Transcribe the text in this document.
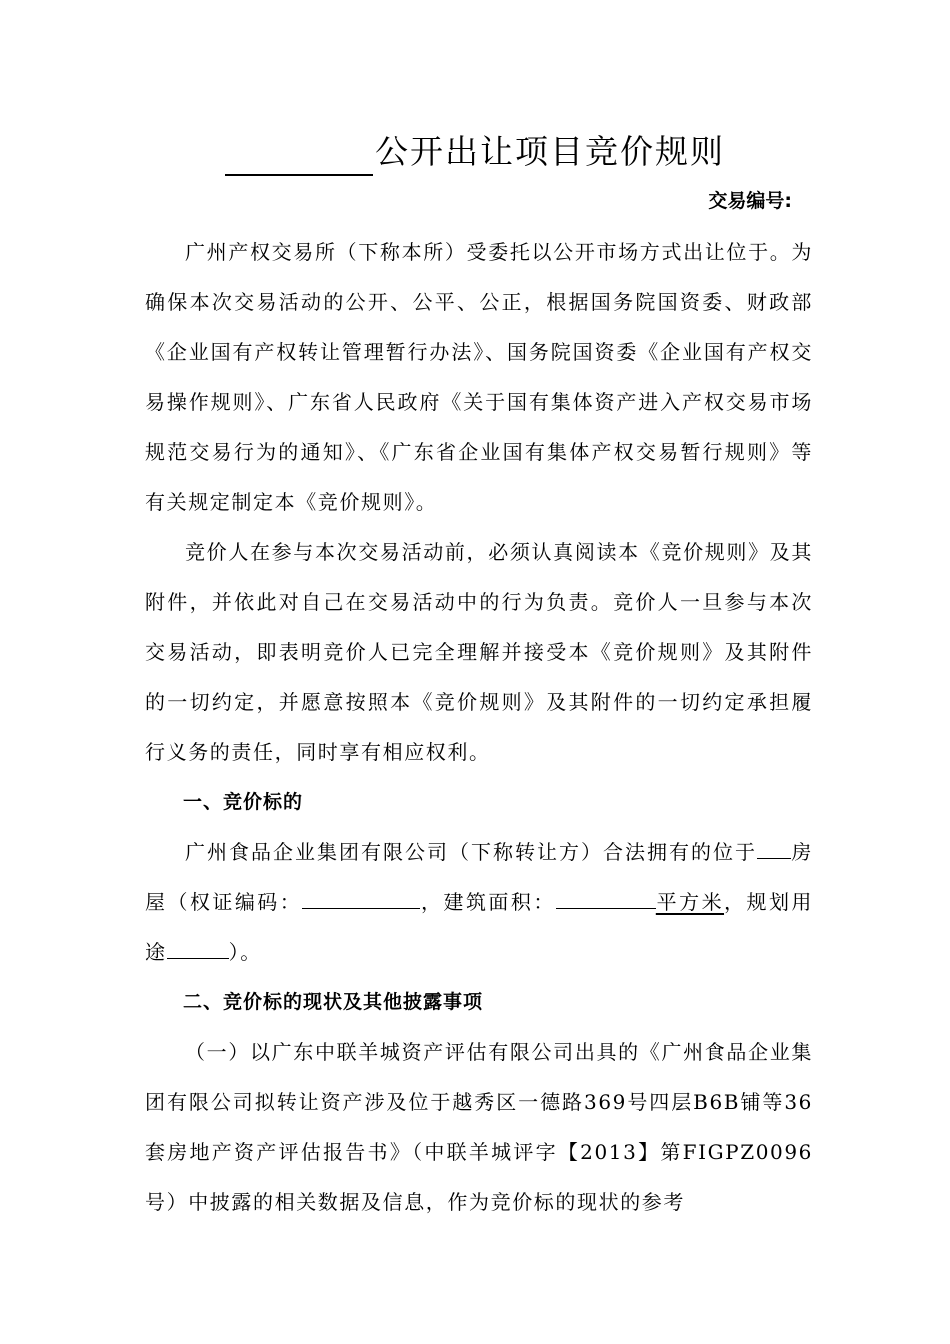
公开出让项目竞价规则
交易编号:

广州产权交易所（下称本所）受委托以公开市场方式出让位于。为确保本次交易活动的公开、公平、公正，根据国务院国资委、财政部《企业国有产权转让管理暂行办法》、国务院国资委《企业国有产权交易操作规则》、广东省人民政府《关于国有集体资产进入产权交易市场规范交易行为的通知》、《广东省企业国有集体产权交易暂行规则》等有关规定制定本《竞价规则》。

竞价人在参与本次交易活动前，必须认真阅读本《竞价规则》及其附件，并依此对自己在交易活动中的行为负责。竞价人一旦参与本次交易活动，即表明竞价人已完全理解并接受本《竞价规则》及其附件的一切约定，并愿意按照本《竞价规则》及其附件的一切约定承担履行义务的责任，同时享有相应权利。

一、竞价标的

广州食品企业集团有限公司（下称转让方）合法拥有的位于 房屋（权证编码：	，建筑面积：	平方米，规划用途	）。

二、竞价标的现状及其他披露事项

（一）以广东中联羊城资产评估有限公司出具的《广州食品企业集团有限公司拟转让资产涉及位于越秀区一德路369号四层B6B铺等36套房地产资产评估报告书》（中联羊城评字【2013】第FIGPZ0096号）中披露的相关数据及信息，作为竞价标的现状的参考
